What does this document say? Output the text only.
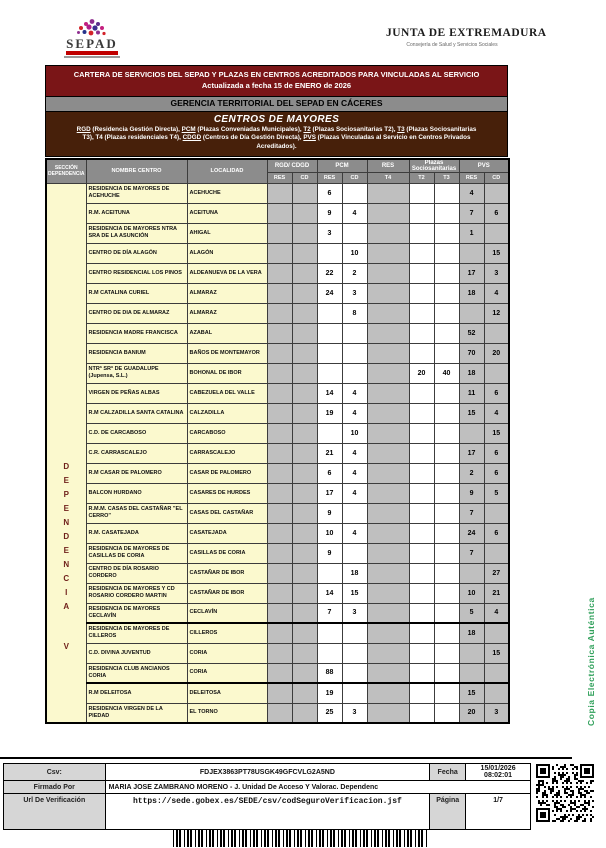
SEPAD
JUNTA DE EXTREMADURA
Consejería de Salud y Servicios Sociales
CARTERA DE SERVICIOS DEL SEPAD Y PLAZAS EN CENTROS ACREDITADOS PARA VINCULADAS AL SERVICIO
Actualizada a fecha 15 de ENERO de 2026
GERENCIA TERRITORIAL DEL SEPAD EN CÁCERES
CENTROS DE MAYORES
RGD (Residencia Gestión Directa), PCM (Plazas Conveniadas Municipales), T2 (Plazas Sociosanitarias T2), T3 (Plazas Sociosanitarias T3), T4 (Plazas residenciales T4), CDGD (Centros de Día Gestión Directa), PVS (Plazas Vinculadas al Servicio en Centros Privados Acreditados).
SECCIÓN DEPENDENCIA	NOMBRE CENTRO	LOCALIDAD	RGD/ CDGD		PCM		RES	Plazas Sociosanitarias		PVS	
			RES	CD	RES	CD	T4	T2	T3	RES	CD

D
E
P
E
N
D
E
N
C
I
A
V
	RESIDENCIA DE MAYORES DE ACEHUCHE	ACEHUCHE			6					4	
	R.M. ACEITUNA	ACEITUNA			9	4				7	6
	RESIDENCIA DE MAYORES NTRA SRA DE LA ASUNCIÓN	AHIGAL			3					1	
	CENTRO DE DÍA ALAGÓN	ALAGÓN				10					15
	CENTRO RESIDENCIAL LOS PINOS	ALDEANUEVA DE LA VERA			22	2				17	3
	R.M CATALINA CURIEL	ALMARAZ			24	3				18	4
	CENTRO DE DIA DE ALMARAZ	ALMARAZ				8					12
	RESIDENCIA MADRE FRANCISCA	AZABAL								52	
	RESIDENCIA BANIUM	BAÑOS DE MONTEMAYOR								70	20
	NTRª SRª DE GUADALUPE (Jupensa, S.L.)	BOHONAL DE IBOR						20	40	18	
	VIRGEN DE PEÑAS ALBAS	CABEZUELA DEL VALLE			14	4				11	6
	R.M CALZADILLA SANTA CATALINA	CALZADILLA			19	4				15	4
	C.D. DE CARCABOSO	CARCABOSO				10					15
	C.R. CARRASCALEJO	CARRASCALEJO			21	4				17	6
	R.M CASAR DE PALOMERO	CASAR DE PALOMERO			6	4				2	6
	BALCON HURDANO	CASARES DE HURDES			17	4				9	5
	R.M.M. CASAS DEL CASTAÑAR "EL CERRO"	CASAS DEL CASTAÑAR			9					7	
	R.M. CASATEJADA	CASATEJADA			10	4				24	6
	RESIDENCIA DE MAYORES DE CASILLAS DE CORIA	CASILLAS DE CORIA			9					7	
	CENTRO DE DÍA ROSARIO CORDERO	CASTAÑAR DE IBOR				18					27
	RESIDENCIA DE MAYORES Y CD ROSARIO CORDERO MARTIN	CASTAÑAR DE IBOR			14	15				10	21
	RESIDENCIA DE MAYORES CECLAVÍN	CECLAVÍN			7	3				5	4
	RESIDENCIA DE MAYORES DE CILLEROS	CILLEROS								18	
	C.D. DIVINA JUVENTUD	CORIA									15
	RESIDENCIA CLUB ANCIANOS CORIA	CORIA			88						
	R.M DELEITOSA	DELEITOSA			19					15	
	RESIDENCIA VIRGEN DE LA PIEDAD	EL TORNO			25	3				20	3	Copia Electrónica Auténtica
Csv:	FDJEX3863PT78USGK49GFCVLG2A5ND	Fecha	15/01/2026 08:02:01
Firmado Por	MARIA JOSE ZAMBRANO MORENO - J. Unidad De Acceso Y Valorac. Dependenc		
Url De Verificación	https://sede.gobex.es/SEDE/csv/codSeguroVerificacion.jsf	Página	1/7
